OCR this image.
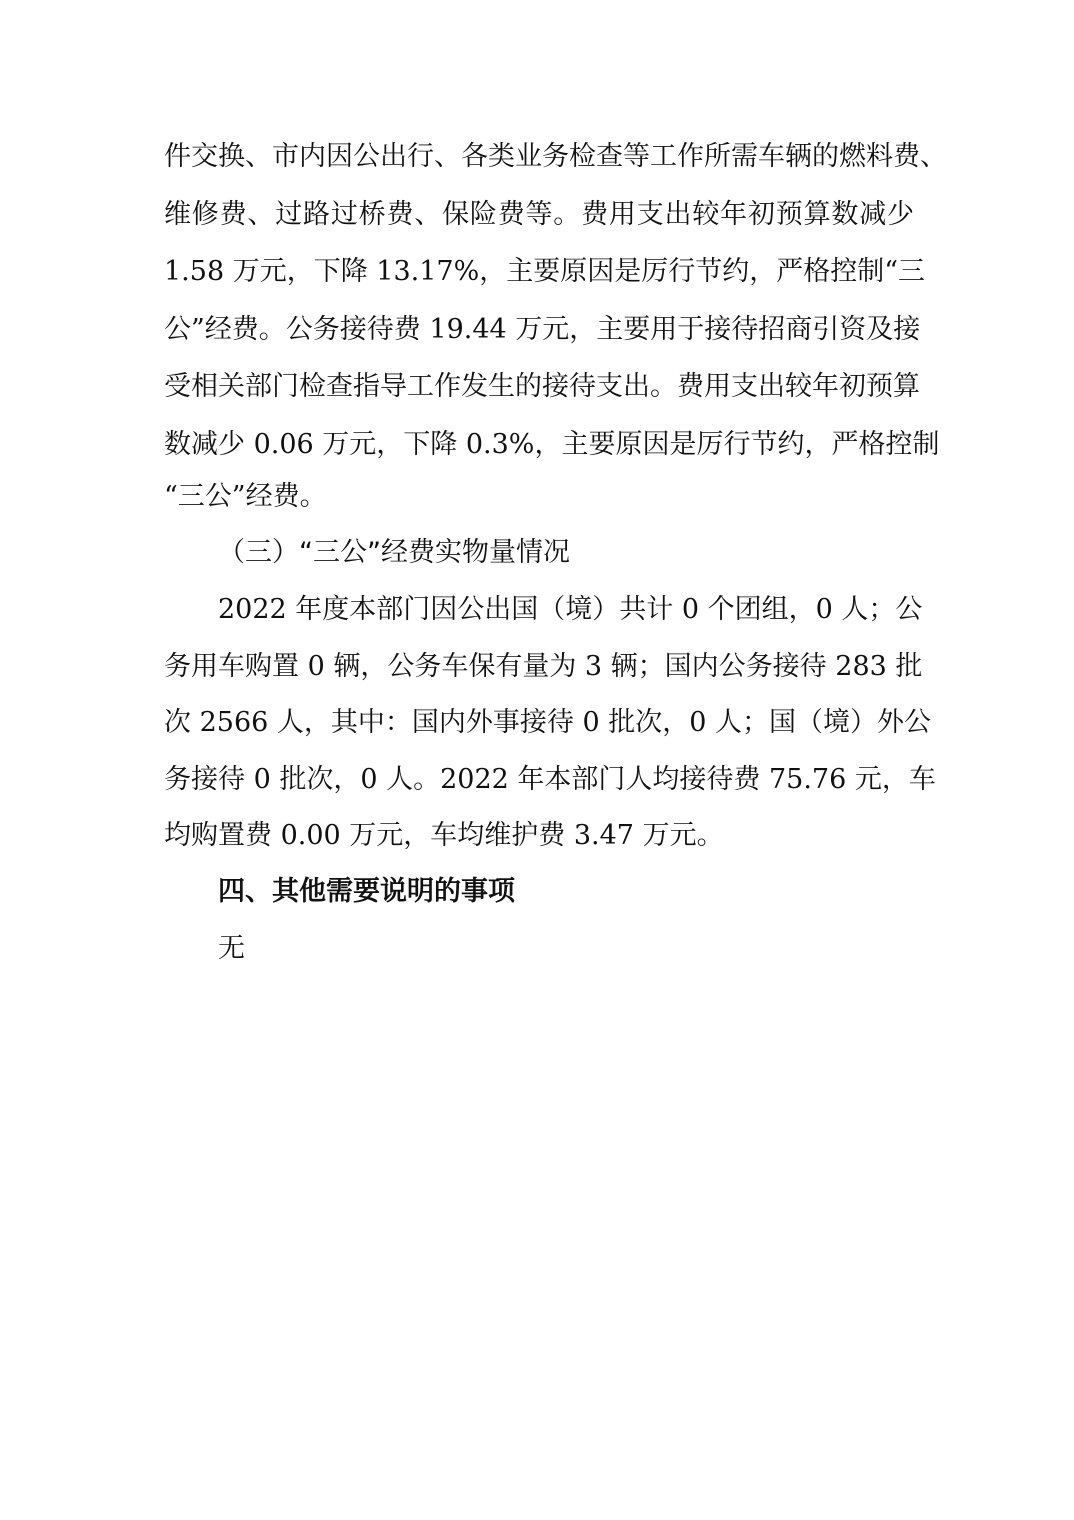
件交换、市内因公出行、各类业务检查等工作所需车辆的燃料费、
维修费、过路过桥费、保险费等。费用支出较年初预算数减少
1.58 万元，下降 13.17%，主要原因是厉行节约，严格控制“三
公”经费。公务接待费 19.44 万元，主要用于接待招商引资及接
受相关部门检查指导工作发生的接待支出。费用支出较年初预算
数减少 0.06 万元，下降 0.3%，主要原因是厉行节约，严格控制
“三公”经费。
（三）“三公”经费实物量情况
2022 年度本部门因公出国（境）共计 0 个团组，0 人；公
务用车购置 0 辆，公务车保有量为 3 辆；国内公务接待 283 批
次 2566 人，其中：国内外事接待 0 批次，0 人；国（境）外公
务接待 0 批次，0 人。2022 年本部门人均接待费 75.76 元，车
均购置费 0.00 万元，车均维护费 3.47 万元。
四、其他需要说明的事项
无
